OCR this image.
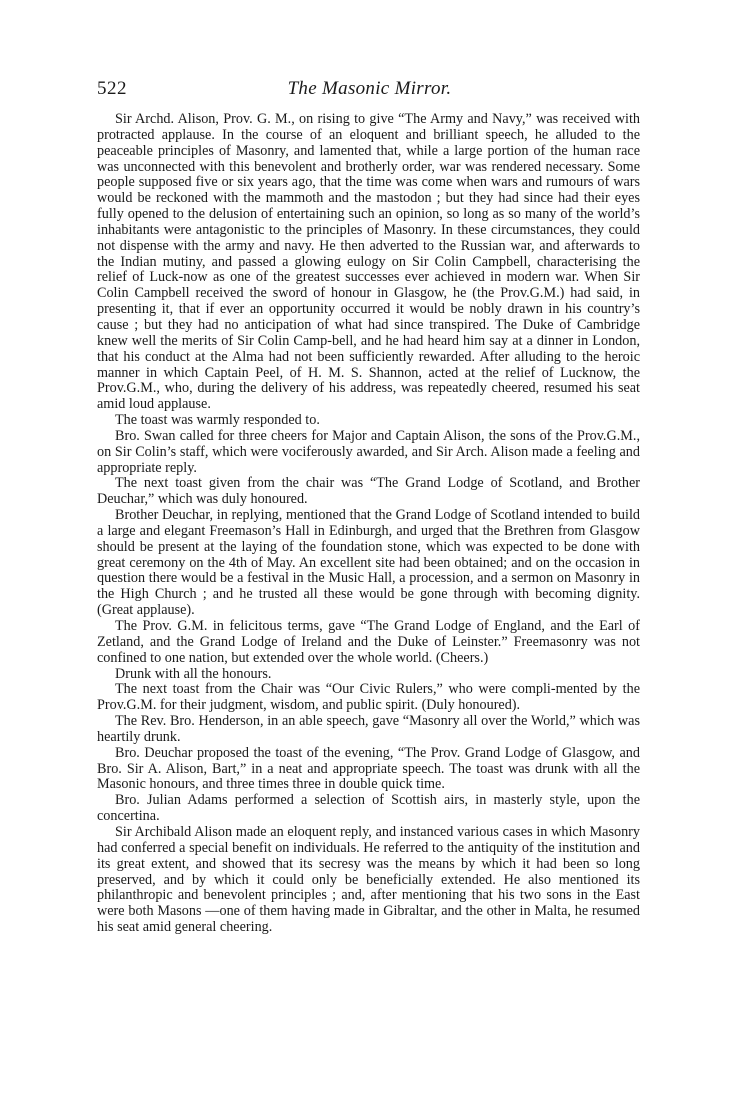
522	The Masonic Mirror.

Sir Archd. Alison, Prov. G. M., on rising to give “The Army and Navy,” was received with protracted applause. In the course of an eloquent and brilliant speech, he alluded to the peaceable principles of Masonry, and lamented that, while a large portion of the human race was unconnected with this benevolent and brotherly order, war was rendered necessary. Some people supposed five or six years ago, that the time was come when wars and rumours of wars would be reckoned with the mammoth and the mastodon ; but they had since had their eyes fully opened to the delusion of entertaining such an opinion, so long as so many of the world’s inhabitants were antagonistic to the principles of Masonry. In these circumstances, they could not dispense with the army and navy. He then adverted to the Russian war, and afterwards to the Indian mutiny, and passed a glowing eulogy on Sir Colin Campbell, characterising the relief of Luck-now as one of the greatest successes ever achieved in modern war. When Sir Colin Campbell received the sword of honour in Glasgow, he (the Prov.G.M.) had said, in presenting it, that if ever an opportunity occurred it would be nobly drawn in his country’s cause ; but they had no anticipation of what had since transpired. The Duke of Cambridge knew well the merits of Sir Colin Camp-bell, and he had heard him say at a dinner in London, that his conduct at the Alma had not been sufficiently rewarded. After alluding to the heroic manner in which Captain Peel, of H. M. S. Shannon, acted at the relief of Lucknow, the Prov.G.M., who, during the delivery of his address, was repeatedly cheered, resumed his seat amid loud applause.

The toast was warmly responded to.

Bro. Swan called for three cheers for Major and Captain Alison, the sons of the Prov.G.M., on Sir Colin’s staff, which were vociferously awarded, and Sir Arch. Alison made a feeling and appropriate reply.

The next toast given from the chair was “The Grand Lodge of Scotland, and Brother Deuchar,” which was duly honoured.

Brother Deuchar, in replying, mentioned that the Grand Lodge of Scotland intended to build a large and elegant Freemason’s Hall in Edinburgh, and urged that the Brethren from Glasgow should be present at the laying of the foundation stone, which was expected to be done with great ceremony on the 4th of May. An excellent site had been obtained; and on the occasion in question there would be a festival in the Music Hall, a procession, and a sermon on Masonry in the High Church ; and he trusted all these would be gone through with becoming dignity. (Great applause).

The Prov. G.M. in felicitous terms, gave “The Grand Lodge of England, and the Earl of Zetland, and the Grand Lodge of Ireland and the Duke of Leinster.” Freemasonry was not confined to one nation, but extended over the whole world. (Cheers.)

Drunk with all the honours.

The next toast from the Chair was “Our Civic Rulers,” who were compli-mented by the Prov.G.M. for their judgment, wisdom, and public spirit. (Duly honoured).

The Rev. Bro. Henderson, in an able speech, gave “Masonry all over the World,” which was heartily drunk.

Bro. Deuchar proposed the toast of the evening, “The Prov. Grand Lodge of Glasgow, and Bro. Sir A. Alison, Bart,” in a neat and appropriate speech. The toast was drunk with all the Masonic honours, and three times three in double quick time.

Bro. Julian Adams performed a selection of Scottish airs, in masterly style, upon the concertina.

Sir Archibald Alison made an eloquent reply, and instanced various cases in which Masonry had conferred a special benefit on individuals. He referred to the antiquity of the institution and its great extent, and showed that its secresy was the means by which it had been so long preserved, and by which it could only be beneficially extended. He also mentioned its philanthropic and benevolent principles ; and, after mentioning that his two sons in the East were both Masons —one of them having made in Gibraltar, and the other in Malta, he resumed his seat amid general cheering.
